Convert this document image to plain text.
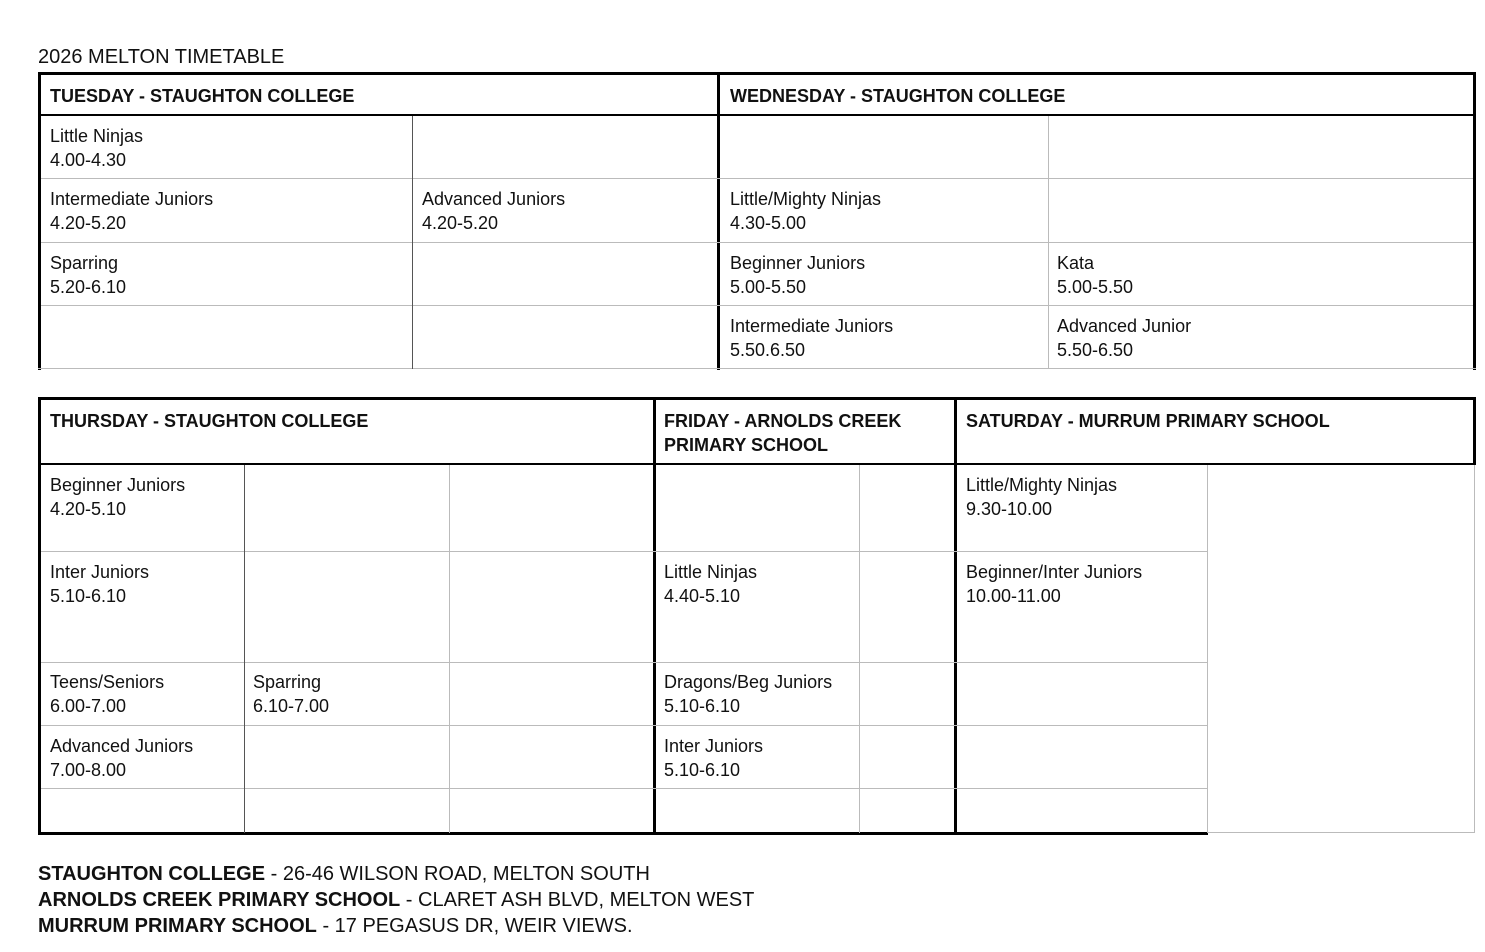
2026 MELTON TIMETABLE
TUESDAY - STAUGHTON COLLEGE	WEDNESDAY - STAUGHTON COLLEGE
Little Ninjas
4.00-4.30
Intermediate Juniors
4.20-5.20
Advanced Juniors
4.20-5.20
Sparring
5.20-6.10
Little/Mighty Ninjas
4.30-5.00
Beginner Juniors
5.00-5.50
Kata
5.00-5.50
Intermediate Juniors
5.50.6.50
Advanced Junior
5.50-6.50
THURSDAY - STAUGHTON COLLEGE	FRIDAY - ARNOLDS CREEK
PRIMARY SCHOOL
SATURDAY - MURRUM PRIMARY SCHOOL
Beginner Juniors
4.20-5.10
Inter Juniors
5.10-6.10
Teens/Seniors
6.00-7.00
Sparring
6.10-7.00
Advanced Juniors
7.00-8.00
Little Ninjas
4.40-5.10
Dragons/Beg Juniors
5.10-6.10
Inter Juniors
5.10-6.10
Little/Mighty Ninjas
9.30-10.00
Beginner/Inter Juniors
10.00-11.00
STAUGHTON COLLEGE - 26-46 WILSON ROAD, MELTON SOUTH
ARNOLDS CREEK PRIMARY SCHOOL - CLARET ASH BLVD, MELTON WEST
MURRUM PRIMARY SCHOOL - 17 PEGASUS DR, WEIR VIEWS.
